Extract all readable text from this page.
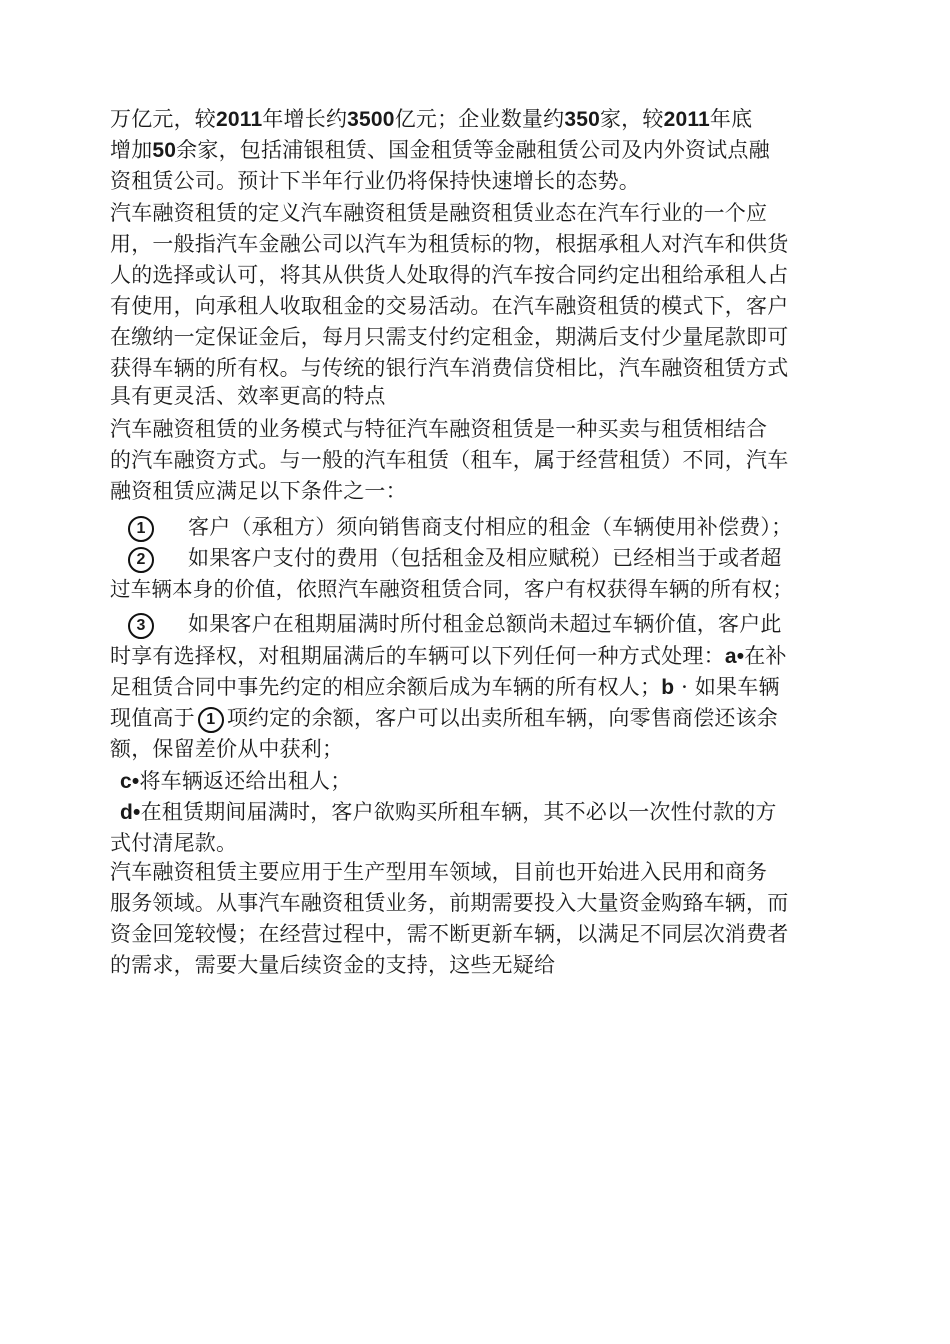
万亿元，较2011年增长约3500亿元；企业数量约350家，较2011年底
增加50余家，包括浦银租赁、国金租赁等金融租赁公司及内外资试点融
资租赁公司。预计下半年行业仍将保持快速增长的态势。
汽车融资租赁的定义汽车融资租赁是融资租赁业态在汽车行业的一个应
用，一般指汽车金融公司以汽车为租赁标的物，根据承租人对汽车和供货
人的选择或认可，将其从供货人处取得的汽车按合同约定出租给承租人占
有使用，向承租人收取租金的交易活动。在汽车融资租赁的模式下，客户
在缴纳一定保证金后，每月只需支付约定租金，期满后支付少量尾款即可
获得车辆的所有权。与传统的银行汽车消费信贷相比，汽车融资租赁方式
具有更灵活、效率更高的特点
汽车融资租赁的业务模式与特征汽车融资租赁是一种买卖与租赁相结合
的汽车融资方式。与一般的汽车租赁（租车，属于经营租赁）不同，汽车
融资租赁应满足以下条件之一：
1 客户（承租方）须向销售商支付相应的租金（车辆使用补偿费）；
2 如果客户支付的费用（包括租金及相应赋税）已经相当于或者超
过车辆本身的价值，依照汽车融资租赁合同，客户有权获得车辆的所有权；
3 如果客户在租期届满时所付租金总额尚未超过车辆价值，客户此
时享有选择权，对租期届满后的车辆可以下列任何一种方式处理：a•在补
足租赁合同中事先约定的相应余额后成为车辆的所有权人；b · 如果车辆
现值高于 1 项约定的余额，客户可以出卖所租车辆，向零售商偿还该余
额，保留差价从中获利；
c•将车辆返还给出租人；
d•在租赁期间届满时，客户欲购买所租车辆，其不必以一次性付款的方
式付清尾款。
汽车融资租赁主要应用于生产型用车领域，目前也开始进入民用和商务
服务领域。从事汽车融资租赁业务，前期需要投入大量资金购臵车辆，而
资金回笼较慢；在经营过程中，需不断更新车辆，以满足不同层次消费者
的需求，需要大量后续资金的支持，这些无疑给
